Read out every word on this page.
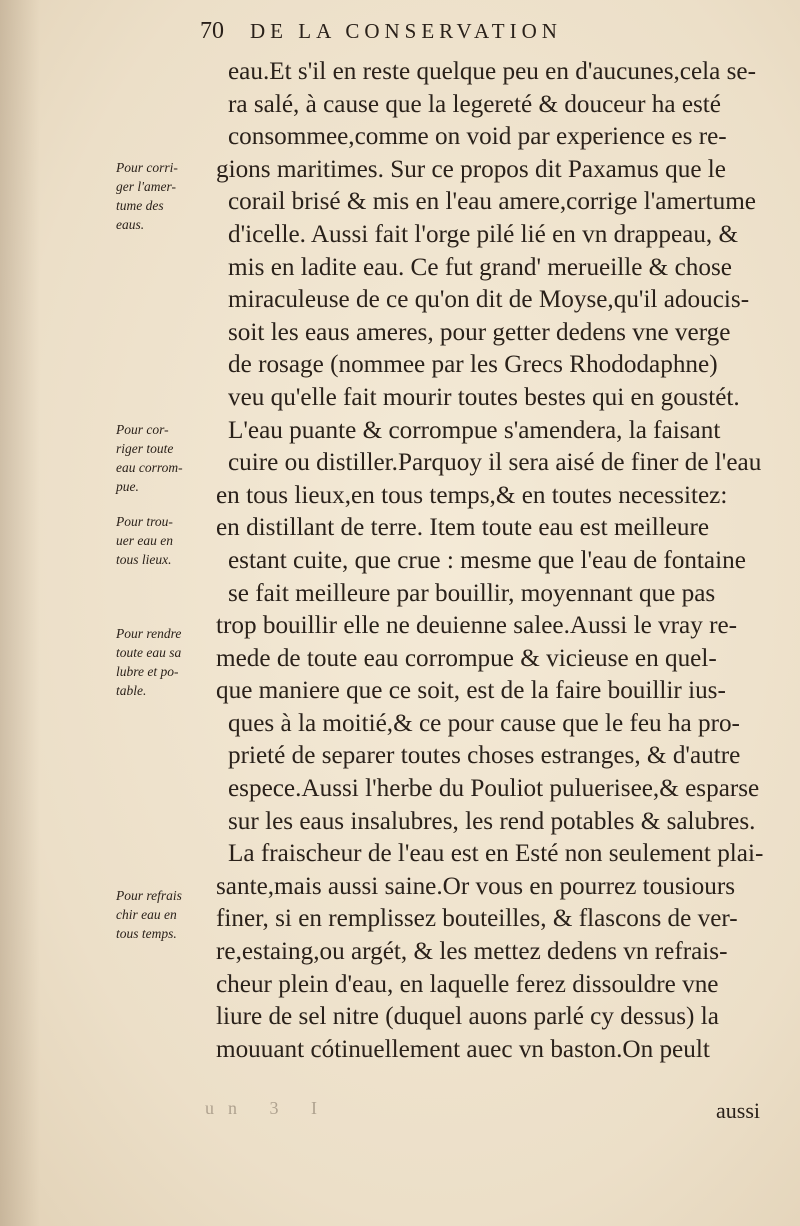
70 DE LA CONSERVATION
eau.Et s'il en reste quelque peu en d'aucunes,cela se-
ra salé, à cause que la legereté & douceur ha esté
consommee,comme on void par experience es re-
gions maritimes. Sur ce propos dit Paxamus que le
corail brisé & mis en l'eau amere,corrige l'amertume
d'icelle. Aussi fait l'orge pilé lié en vn drappeau, &
mis en ladite eau. Ce fut grand' merueille & chose
miraculeuse de ce qu'on dit de Moyse,qu'il adoucis-
soit les eaus ameres, pour getter dedens vne verge
de rosage (nommee par les Grecs Rhododaphne)
veu qu'elle fait mourir toutes bestes qui en goustét.
L'eau puante & corrompue s'amendera, la faisant
cuire ou distiller.Parquoy il sera aisé de finer de l'eau
en tous lieux,en tous temps,& en toutes necessitez:
en distillant de terre. Item toute eau est meilleure
estant cuite, que crue : mesme que l'eau de fontaine
se fait meilleure par bouillir, moyennant que pas
trop bouillir elle ne deuienne salee.Aussi le vray re-
mede de toute eau corrompue & vicieuse en quel-
que maniere que ce soit, est de la faire bouillir ius-
ques à la moitié,& ce pour cause que le feu ha pro-
prieté de separer toutes choses estranges, & d'autre
espece.Aussi l'herbe du Pouliot puluerisee,& esparse
sur les eaus insalubres, les rend potables & salubres.
La fraischeur de l'eau est en Esté non seulement plai-
sante,mais aussi saine.Or vous en pourrez tousiours
finer, si en remplissez bouteilles, & flascons de ver-
re,estaing,ou argét, & les mettez dedens vn refrais-
cheur plein d'eau, en laquelle ferez dissouldre vne
liure de sel nitre (duquel auons parlé cy dessus) la
mouuant cótinuellement auec vn baston.On peult
Pour corri-
ger l'amer-
tume des
eaus.
Pour cor-
riger toute
eau corrom-
pue.
Pour trou-
uer eau en
tous lieux.
Pour rendre
toute eau sa
lubre et po-
table.
Pour refrais
chir eau en
tous temps.
un 3 I	aussi
